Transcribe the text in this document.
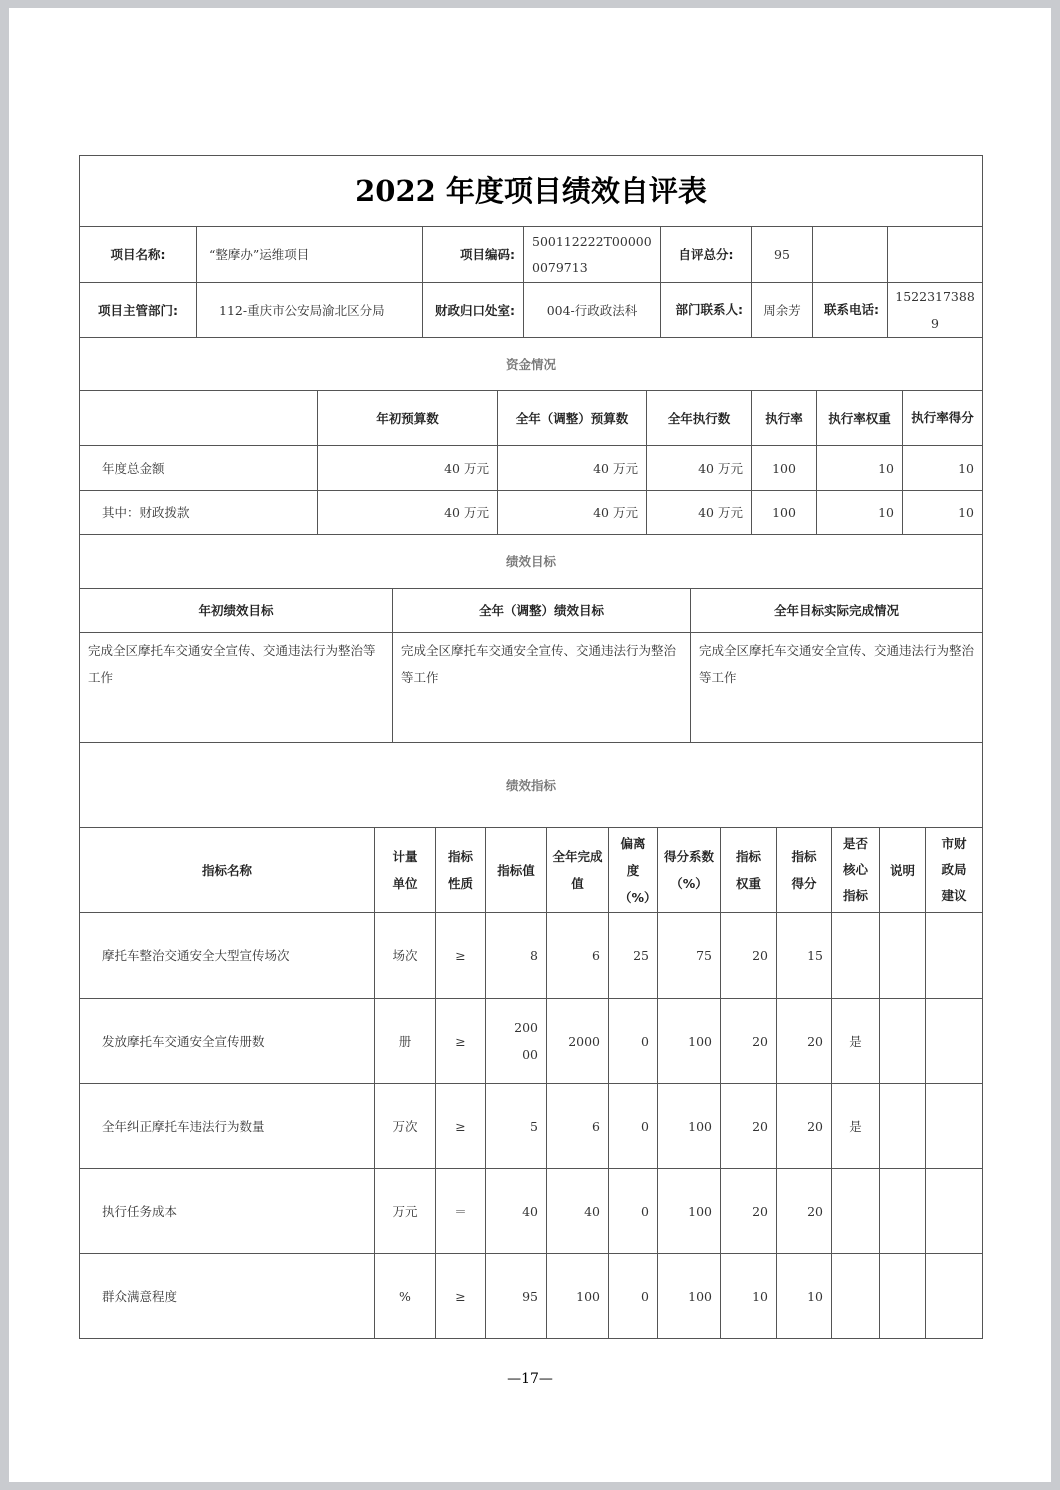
2022 年度项目绩效自评表							
项目名称:	“整摩办”运维项目	项目编码:	500112222T000000079713	自评总分:	95		
项目主管部门:	112-重庆市公安局渝北区分局	财政归口处室:	004-行政政法科	部门联系人:	周余芳	联系电话:	15223173889
资金情况							
	年初预算数	全年（调整）预算数	全年执行数	执行率	执行率权重	执行率得分
年度总金额	40 万元	40 万元	40 万元	100	10	10
其中：财政拨款	40 万元	40 万元	40 万元	100	10	10
绩效目标						
年初绩效目标	全年（调整）绩效目标	全年目标实际完成情况
完成全区摩托车交通安全宣传、交通违法行为整治等工作	完成全区摩托车交通安全宣传、交通违法行为整治等工作	完成全区摩托车交通安全宣传、交通违法行为整治等工作
绩效指标		
指标名称	计量单位	指标性质	指标值	全年完成值	偏离度（%）	得分系数（%）	指标权重	指标得分	是否核心指标	说明	市财政局建议
摩托车整治交通安全大型宣传场次	场次	≥	8	6	25	75	20	15			
发放摩托车交通安全宣传册数	册	≥	20000	2000	0	100	20	20	是		
全年纠正摩托车违法行为数量	万次	≥	5	6	0	100	20	20	是		
执行任务成本	万元	＝	40	40	0	100	20	20			
群众满意程度	%	≥	95	100	0	100	10	10			
—17—
